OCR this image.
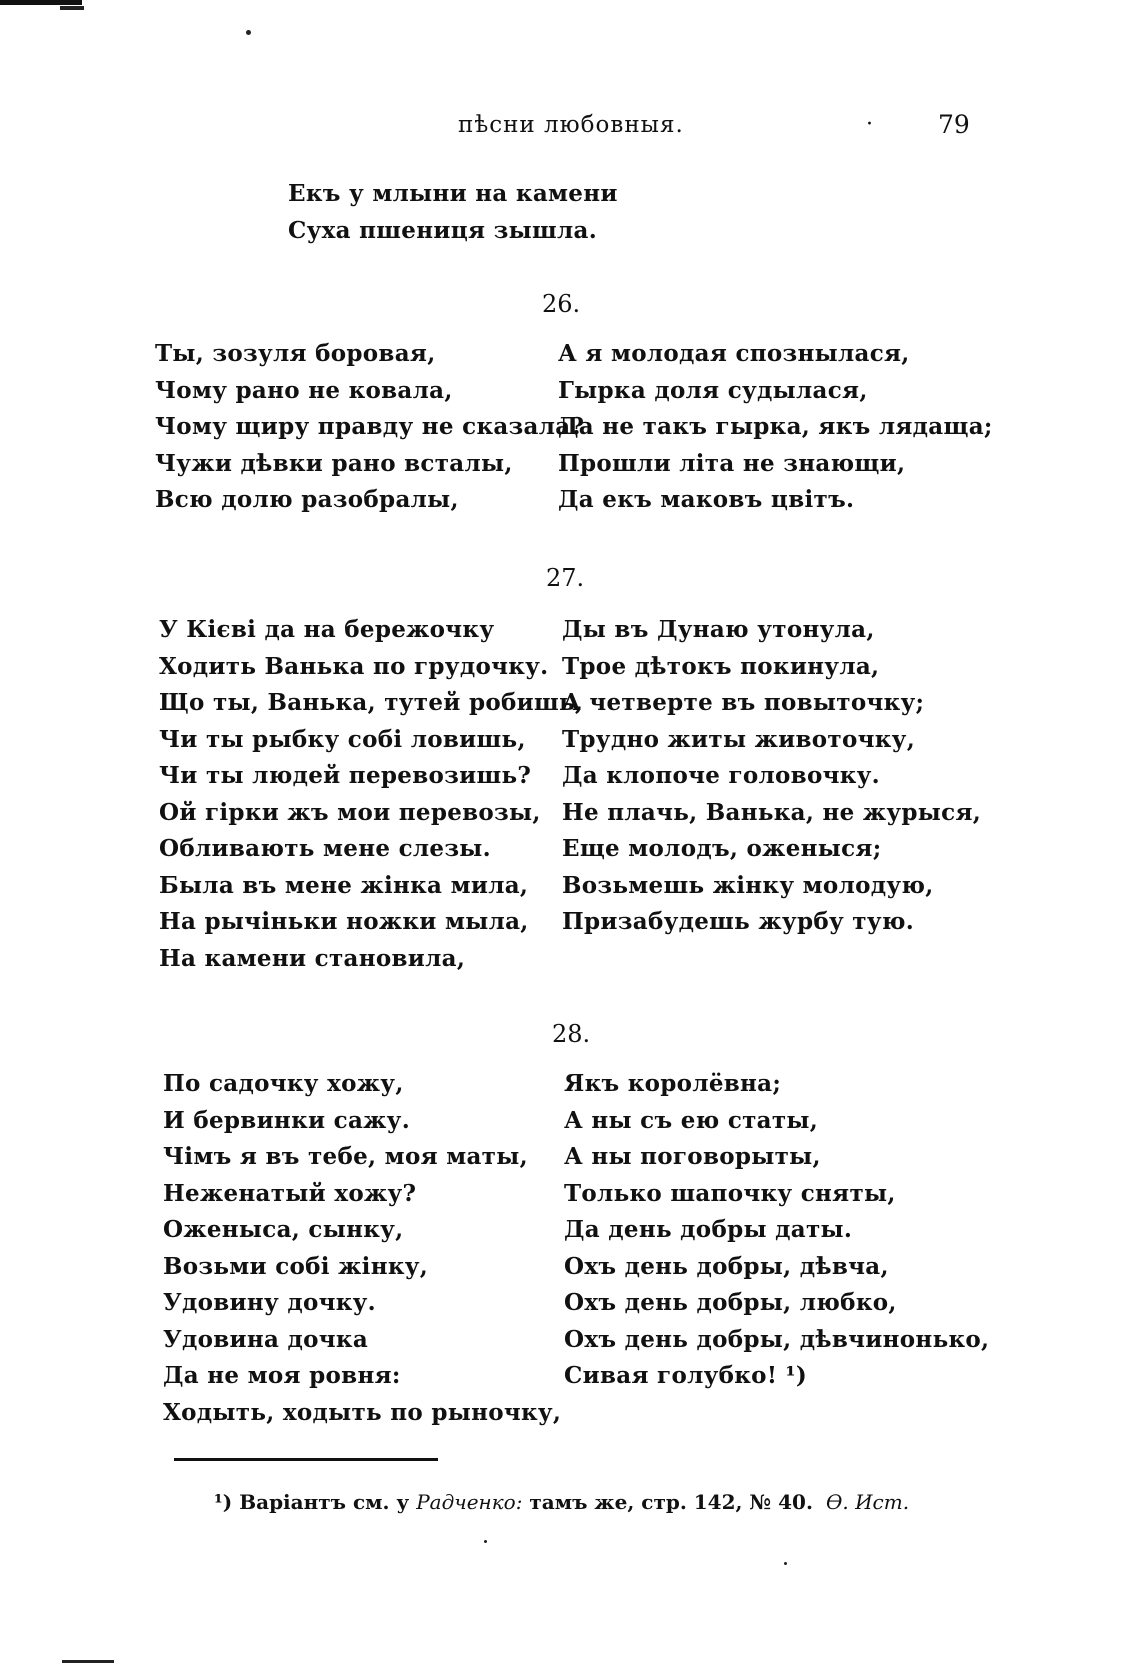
пѣсни любовныя.	·	79
Екъ у млыни на камени
Суха пшениця зышла.
26.
Ты, зозуля боровая,
Чому рано не ковала,
Чому щиру правду не сказала?
Чужи дѣвки рано всталы,
Всю долю разобралы,
А я молодая спознылася,
Гырка доля судылася,
Да не такъ гырка, якъ лядаща;
Прошли літа не знающи,
Да екъ маковъ цвітъ.
27.
У Кієві да на бережочку
Ходить Ванька по грудочку.
Що ты, Ванька, тутей робишь,
Чи ты рыбку собі ловишь,
Чи ты людей перевозишь?
Ой гірки жъ мои перевозы,
Обливають мене слезы.
Была въ мене жінка мила,
На рычіньки ножки мыла,
На камени становила,
Ды въ Дунаю утонула,
Трое дѣтокъ покинула,
А четверте въ повыточку;
Трудно житы животочку,
Да клопоче головочку.
Не плачь, Ванька, не журыся,
Еще молодъ, оженыся;
Возьмешь жінку молодую,
Призабудешь журбу тую.
28.
По садочку хожу,
И бервинки сажу.
Чімъ я въ тебе, моя маты,
Неженатый хожу?
Оженыса, сынку,
Возьми собі жінку,
Удовину дочку.
Удовина дочка
Да не моя ровня:
Ходыть, ходыть по рыночку,
Якъ королёвна;
А ны съ ею статы,
А ны поговорыты,
Только шапочку сняты,
Да день добры даты.
Охъ день добры, дѣвча,
Охъ день добры, любко,
Охъ день добры, дѣвчинонько,
Сивая голубко! ¹)
¹) Варіантъ см. у Радченко: тамъ же, стр. 142, № 40. Ѳ. Ист.
